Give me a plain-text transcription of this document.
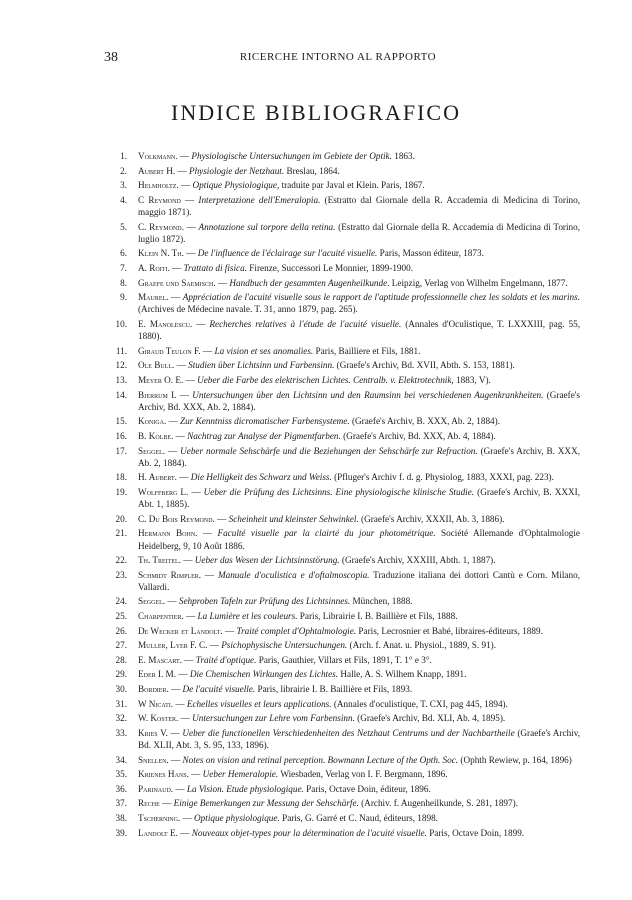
38	RICERCHE INTORNO AL RAPPORTO
INDICE BIBLIOGRAFICO
1. Volkmann. — Physiologische Untersuchungen im Gebiete der Optik. 1863.
2. Aubert H. — Physiologie der Netzhaut. Breslau, 1864.
3. Helmholtz. — Optique Physiologique, traduite par Javal et Klein. Paris, 1867.
4. C Reymond — Interpretazione dell'Emeralopia. (Estratto dal Giornale della R. Accademia di Medicina di Torino, maggio 1871).
5. C. Reymond. — Annotazione sul torpore della retina. (Estratto dal Giornale della R. Accademia di Medicina di Torino, luglio 1872).
6. Klein N. Th. — De l'influence de l'éclairage sur l'acuité visuelle. Paris, Masson éditeur, 1873.
7. A. Roiti. — Trattato di fisica. Firenze, Successori Le Monnier, 1899-1900.
8. Graefe und Saemisch. — Handbuch der gesammten Augenheilkunde. Leipzig, Verlag von Wilhelm Engelmann, 1877.
9. Maurel. — Appréciation de l'acuité visuelle sous le rapport de l'aptitude professionnelle chez les soldats et les marins. (Archives de Médecine navale. T. 31, anno 1879, pag. 265).
10. E. Manolescu. — Recherches relatives à l'étude de l'acuité visuelle. (Annales d'Oculistique, T. LXXXIII, pag. 55, 1880).
11. Giraud Teulon F. — La vision et ses anomalies. Paris, Bailliere et Fils, 1881.
12. Ole Bull. — Studien über Lichtsinn und Farbensinn. (Graefe's Archiv, Bd. XVII, Abth. S. 153, 1881).
13. Meyer O. E. — Ueber die Farbe des elektrischen Lichtes. Centralb. v. Elektrotechnik, 1883, V).
14. Bjerrum I. — Untersuchungen über den Lichtsinn und den Raumsinn bei verschiedenen Augenkrankheiten. (Graefe's Archiv, Bd. XXX, Ab. 2, 1884).
15. Koniga. — Zur Kenntniss dicromatischer Farbensysteme. (Graefe's Archiv, B. XXX, Ab. 2, 1884).
16. B. Kolbe. — Nachtrag zur Analyse der Pigmentfarben. (Graefe's Archiv, Bd. XXX, Ab. 4, 1884).
17. Seggel. — Ueber normale Sehschärfe und die Beziehungen der Sehschärfe zur Refraction. (Graefe's Archiv, B. XXX, Ab. 2, 1884).
18. H. Aubert. — Die Helligkeit des Schwarz und Weiss. (Pfluger's Archiv f. d. g. Physiolog, 1883, XXXI, pag. 223).
19. Wolffberg L. — Ueber die Prüfung des Lichtsinns. Eine physiologische klinische Studie. (Graefe's Archiv, B. XXXI, Abt. 1, 1885).
20. C. Du Bois Reymond. — Scheinheit und kleinster Sehwinkel. (Graefe's Archiv, XXXII, Ab. 3, 1886).
21. Hermann Bohn. — Faculté visuelle par la clairté du jour photométrique. Société Allemande d'Ophtalmologie Heidelberg, 9, 10 Août 1886.
22. Th. Treitel. — Ueber das Wesen der Lichtsinnstörung. (Graefe's Archiv, XXXIII, Abth. 1, 1887).
23. Schmidt Rimpler. — Manuale d'oculistica e d'oftalmoscopia. Traduzione italiana dei dottori Cantù e Corn. Milano, Vallardi.
24. Seggel. — Sehproben Tafeln zur Prüfung des Lichtsinnes. München, 1888.
25. Charpentier. — La Lumière et les couleurs. Paris, Librairie I. B. Baillière et Fils, 1888.
26. De Wecker et Landolt. — Traité complet d'Ophtalmologie. Paris, Lecrosnier et Babé, libraires-éditeurs, 1889.
27. Muller, Lyer F. C. — Psichophysische Untersuchungen. (Arch. f. Anat. u. Physiol., 1889, S. 91).
28. E. Mascart. — Traité d'optique. Paris, Gauthier, Villars et Fils, 1891, T. 1° e 3°.
29. Eder I. M. — Die Chemischen Wirkungen des Lichtes. Halle, A. S. Wilhem Knapp, 1891.
30. Bordier. — De l'acuité visuelle. Paris, librairie I. B. Baillière et Fils, 1893.
31. W Nicati. — Echelles visuelles et leurs applications. (Annales d'oculistique, T. CXI, pag 445, 1894).
32. W. Koster. — Untersuchungen zur Lehre vom Farbensinn. (Graefe's Archiv, Bd. XLI, Ab. 4, 1895).
33. Kries V. — Ueber die functionellen Verschiedenheiten des Netzhaut Centrums und der Nachbartheile (Graefe's Archiv, Bd. XLII, Abt. 3, S. 95, 133, 1896).
34. Snellen. — Notes on vision and retinal perception. Bowmann Lecture of the Opth. Soc. (Ophth Rewiew, p. 164, 1896)
35. Krienes Hans. — Ueber Hemeralopie. Wiesbaden, Verlag von I. F. Bergmann, 1896.
36. Parinaud. — La Vision. Etude physiologique. Paris, Octave Doin, éditeur, 1896.
37. Reche — Einige Bemerkungen zur Messung der Sehschärfe. (Archiv. f. Augenheilkunde, S. 281, 1897).
38. Tscherning. — Optique physiologique. Paris, G. Garré et C. Naud, éditeurs, 1898.
39. Landolt E. — Nouveaux objet-types pour la détermination de l'acuité visuelle. Paris, Octave Doin, 1899.
